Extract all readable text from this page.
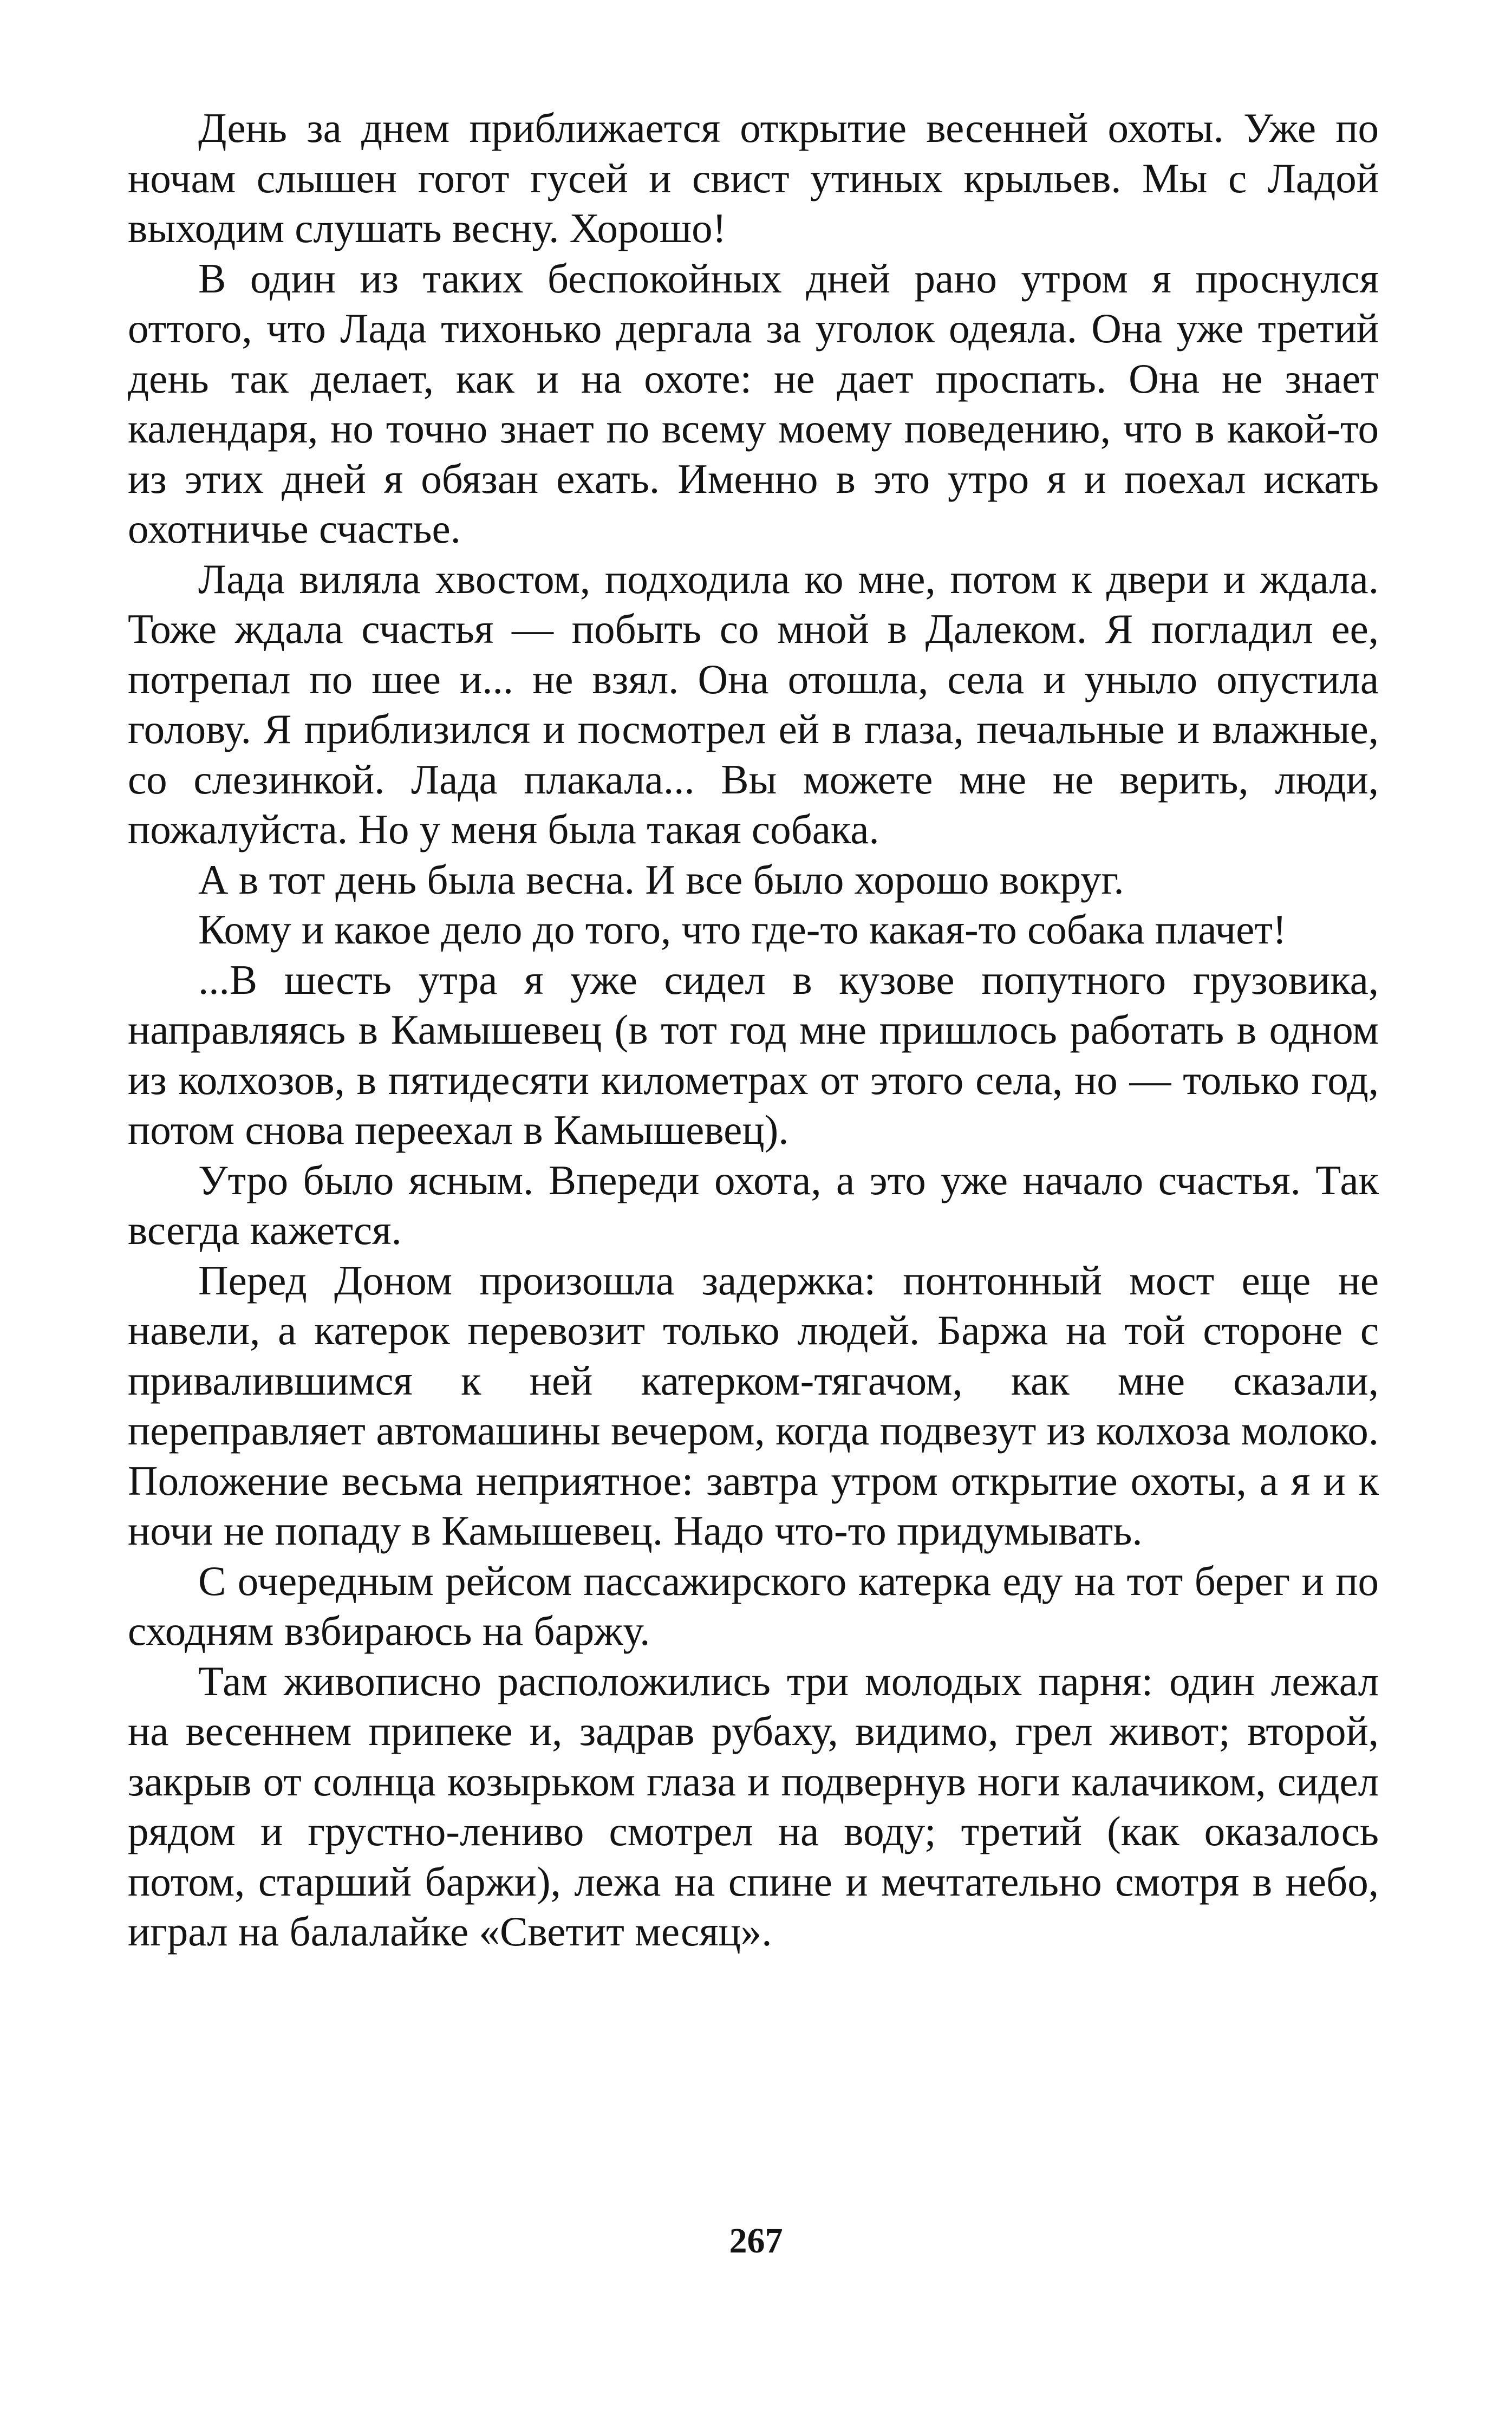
День за днем приближается открытие весенней охоты. Уже по ночам слышен гогот гусей и свист утиных крыльев. Мы с Ладой выходим слушать весну. Хорошо!

В один из таких беспокойных дней рано утром я проснулся оттого, что Лада тихонько дергала за уголок одеяла. Она уже третий день так делает, как и на охоте: не дает проспать. Она не знает календаря, но точно знает по всему моему поведению, что в какой-то из этих дней я обязан ехать. Именно в это утро я и поехал искать охотничье счастье.

Лада виляла хвостом, подходила ко мне, потом к двери и ждала. Тоже ждала счастья — побыть со мной в Далеком. Я погладил ее, потрепал по шее и... не взял. Она отошла, села и уныло опустила голову. Я приблизился и посмотрел ей в глаза, печальные и влажные, со слезинкой. Лада плакала... Вы можете мне не верить, люди, пожалуйста. Но у меня была такая собака.

А в тот день была весна. И все было хорошо вокруг.

Кому и какое дело до того, что где-то какая-то собака плачет!

...В шесть утра я уже сидел в кузове попутного грузовика, направляясь в Камышевец (в тот год мне пришлось работать в одном из колхозов, в пятидесяти километрах от этого села, но — только год, потом снова переехал в Камышевец).

Утро было ясным. Впереди охота, а это уже начало счастья. Так всегда кажется.

Перед Доном произошла задержка: понтонный мост еще не навели, а катерок перевозит только людей. Баржа на той стороне с привалившимся к ней катерком-тягачом, как мне сказали, переправляет автомашины вечером, когда подвезут из колхоза молоко. Положение весьма неприятное: завтра утром открытие охоты, а я и к ночи не попаду в Камышевец. Надо что-то придумывать.

С очередным рейсом пассажирского катерка еду на тот берег и по сходням взбираюсь на баржу.

Там живописно расположились три молодых парня: один лежал на весеннем припеке и, задрав рубаху, видимо, грел живот; второй, закрыв от солнца козырьком глаза и подвернув ноги калачиком, сидел рядом и грустно-лениво смотрел на воду; третий (как оказалось потом, старший баржи), лежа на спине и мечтательно смотря в небо, играл на балалайке «Светит месяц».

267
